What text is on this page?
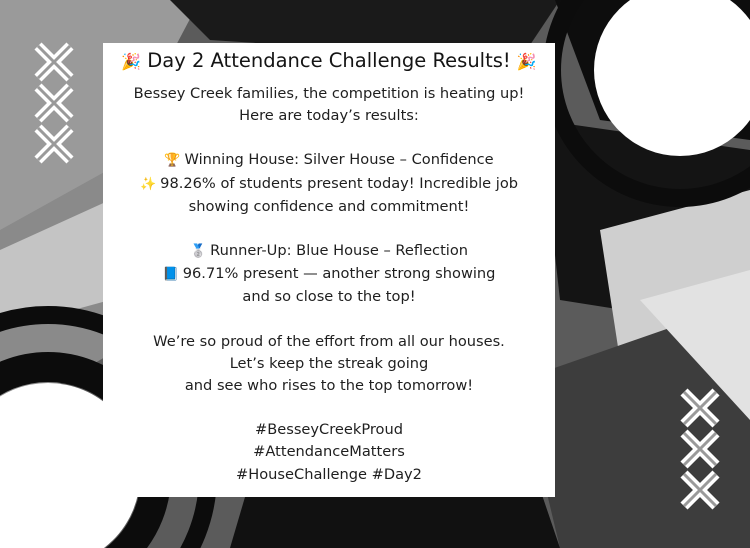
🎉 Day 2 Attendance Challenge Results! 🎉

Bessey Creek families, the competition is heating up!
Here are today’s results:

🏆 Winning House: Silver House – Confidence
✨ 98.26% of students present today! Incredible job
showing confidence and commitment!

🥈 Runner-Up: Blue House – Reflection
📘 96.71% present — another strong showing
and so close to the top!

We’re so proud of the effort from all our houses.
Let’s keep the streak going
and see who rises to the top tomorrow!

#BesseyCreekProud
#AttendanceMatters
#HouseChallenge #Day2
